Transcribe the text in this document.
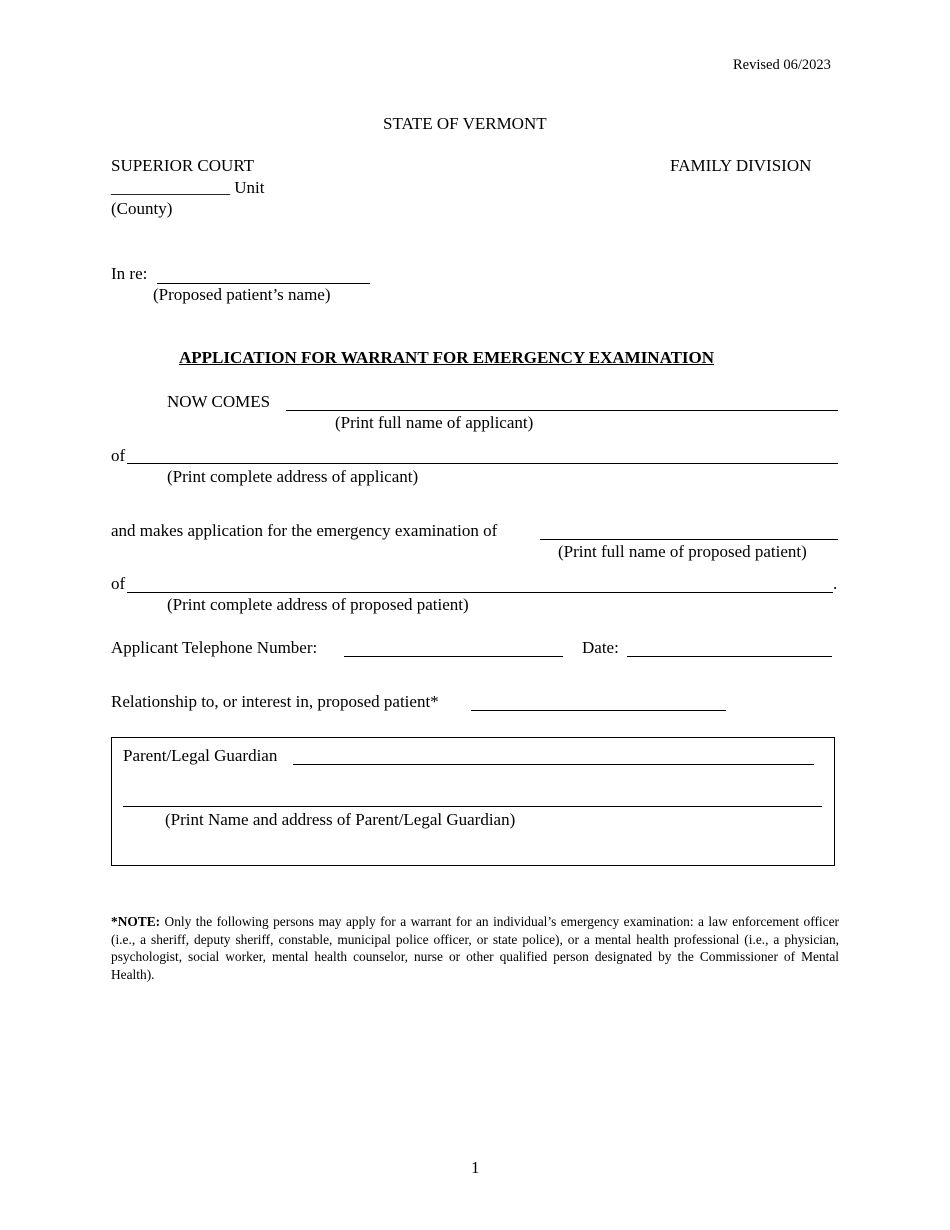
Revised 06/2023
STATE OF VERMONT
SUPERIOR COURT	FAMILY DIVISION
______________ Unit
(County)
In re:
(Proposed patient’s name)
APPLICATION FOR WARRANT FOR EMERGENCY EXAMINATION
NOW COMES
(Print full name of applicant)
of
(Print complete address of applicant)
and makes application for the emergency examination of
(Print full name of proposed patient)
of	.
(Print complete address of proposed patient)
Applicant Telephone Number:	Date:
Relationship to, or interest in, proposed patient*
Parent/Legal Guardian
(Print Name and address of Parent/Legal Guardian)
*NOTE: Only the following persons may apply for a warrant for an individual’s emergency examination: a law enforcement officer (i.e., a sheriff, deputy sheriff, constable, municipal police officer, or state police), or a mental health professional (i.e., a physician, psychologist, social worker, mental health counselor, nurse or other qualified person designated by the Commissioner of Mental Health).
1
